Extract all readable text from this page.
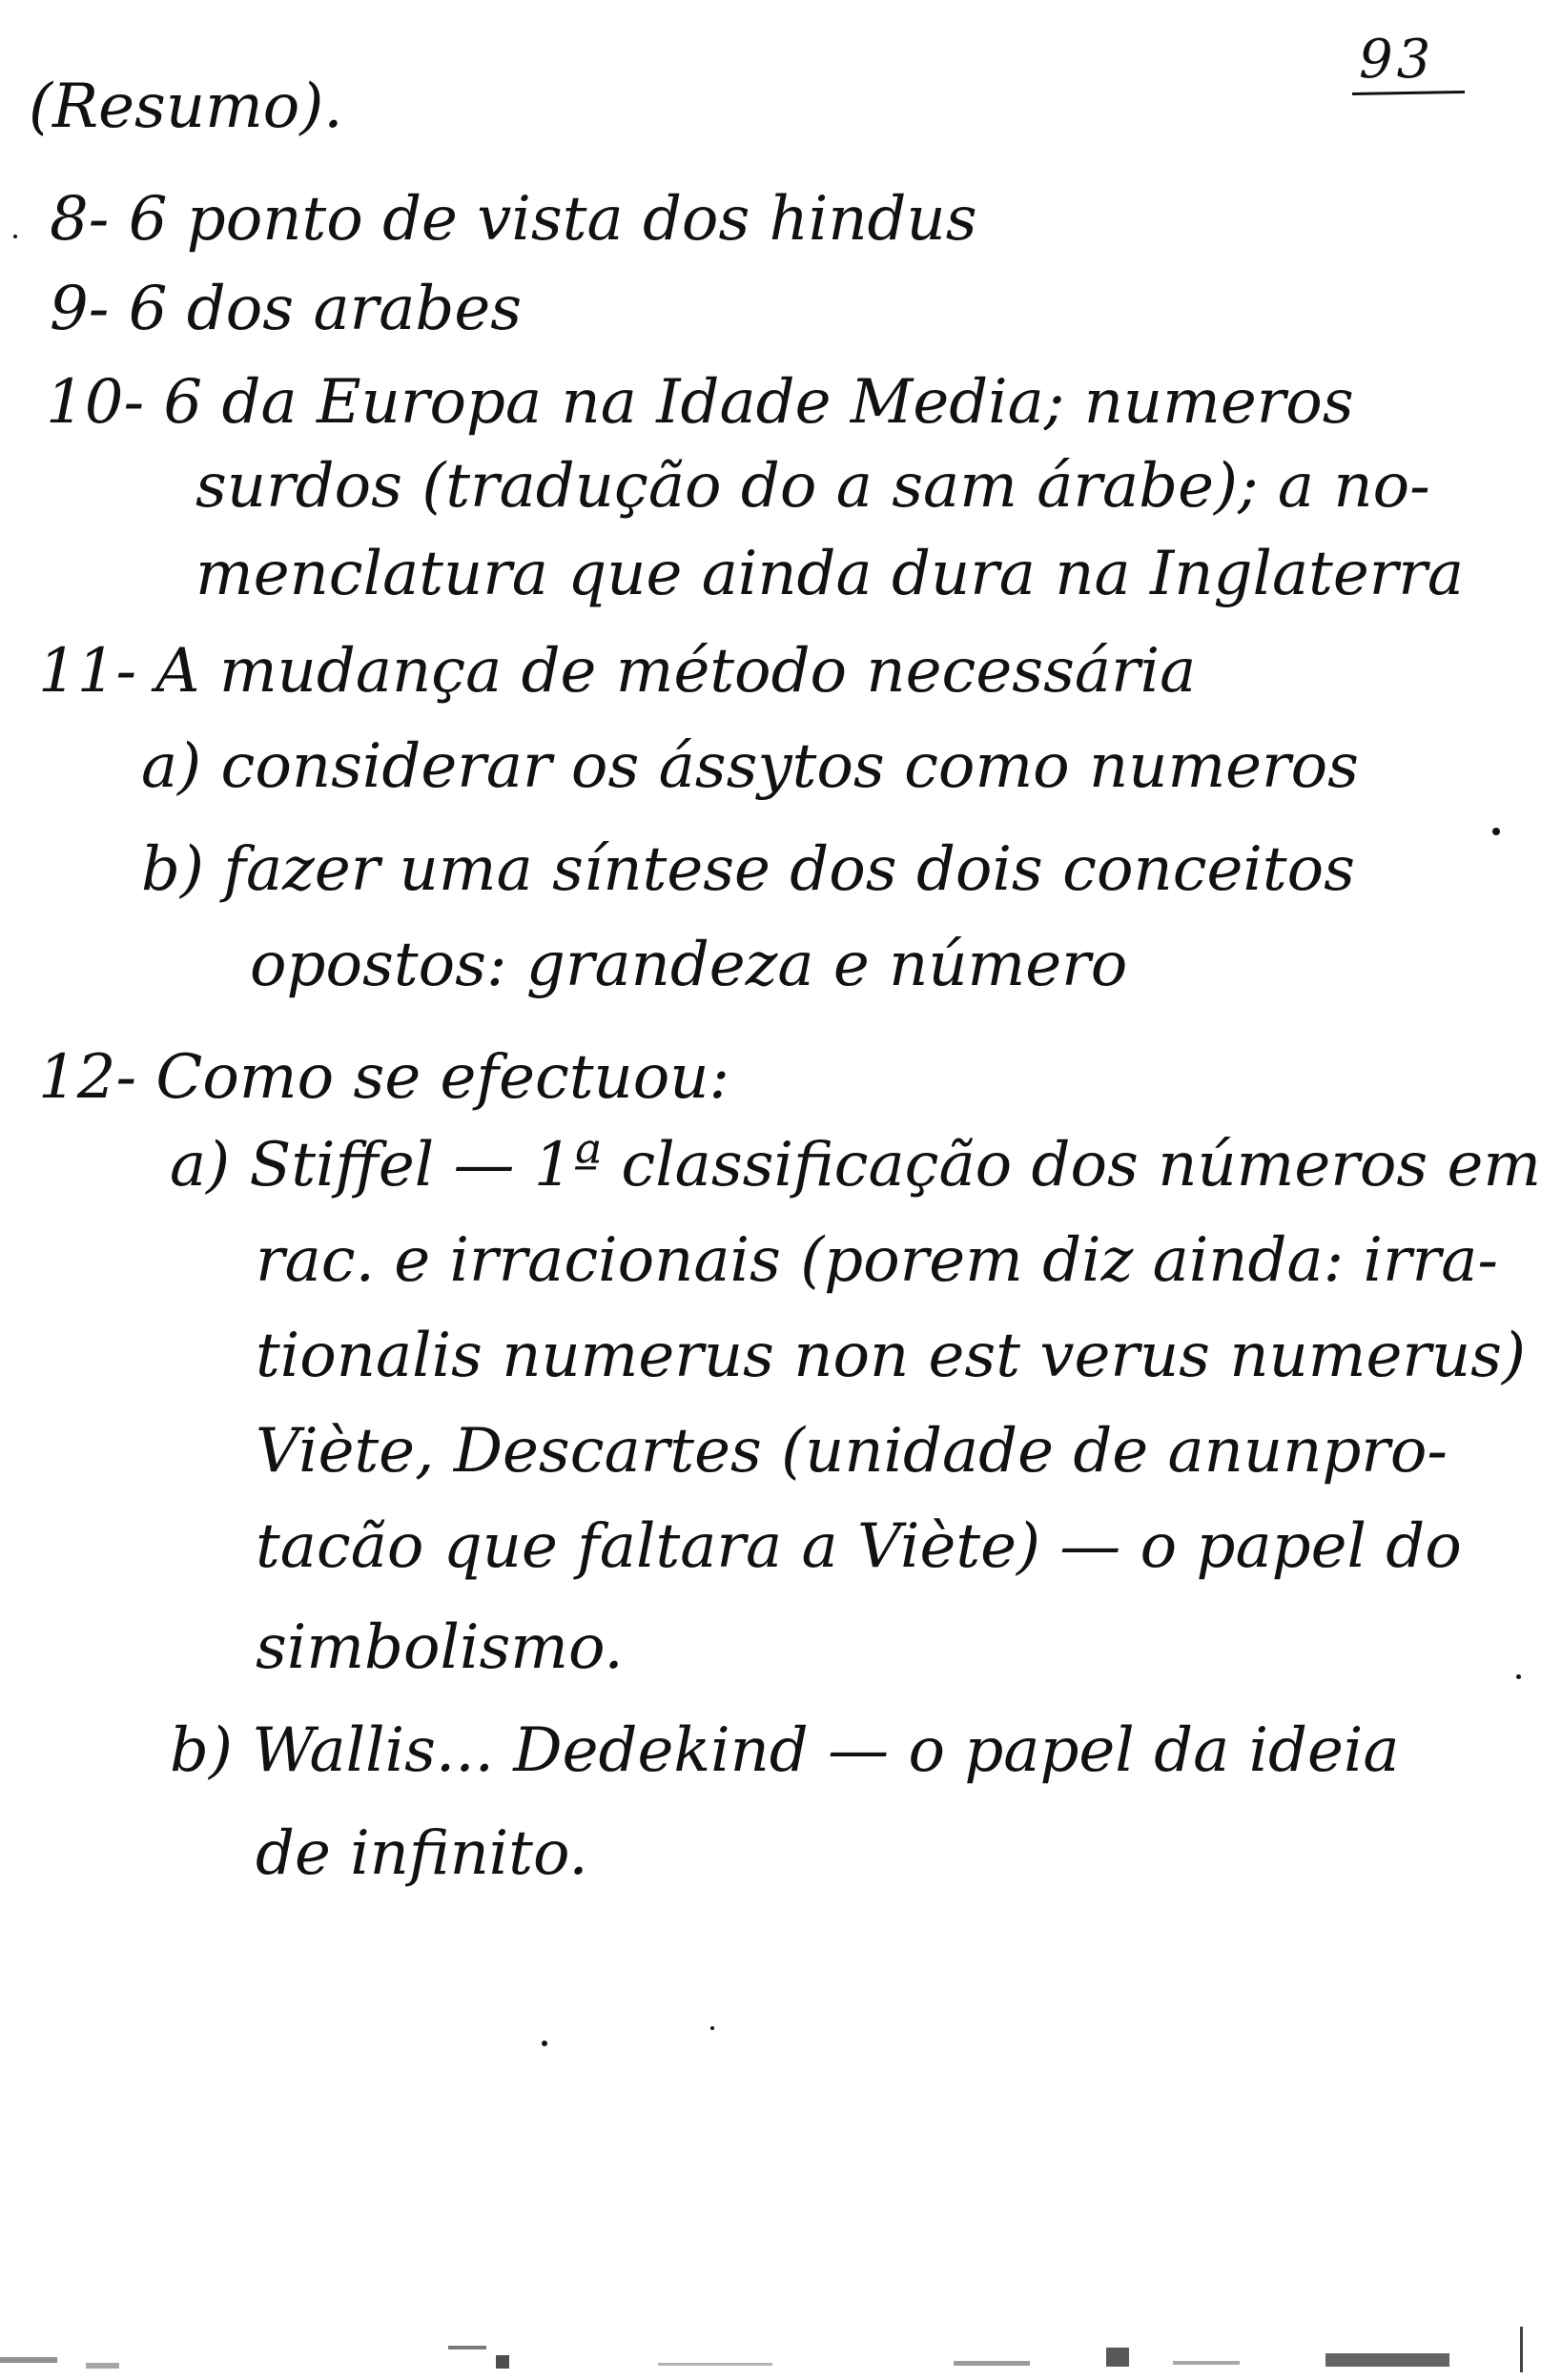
93
(Resumo).
8- 6 ponto de vista dos hindus
9- 6 dos arabes
10- 6 da Europa na Idade Media; numeros
surdos (tradução do a sam árabe); a no-
menclatura que ainda dura na Inglaterra
11- A mudança de método necessária
a) considerar os ássytos como numeros
b) fazer uma síntese dos dois conceitos
opostos: grandeza e número
12- Como se efectuou:
a) Stiffel — 1ª classificação dos números em
rac. e irracionais (porem diz ainda: irra-
tionalis numerus non est verus numerus)
Viète, Descartes (unidade de anunpro-
tacão que faltara a Viète) — o papel do
simbolismo.
b) Wallis... Dedekind — o papel da ideia
de infinito.
